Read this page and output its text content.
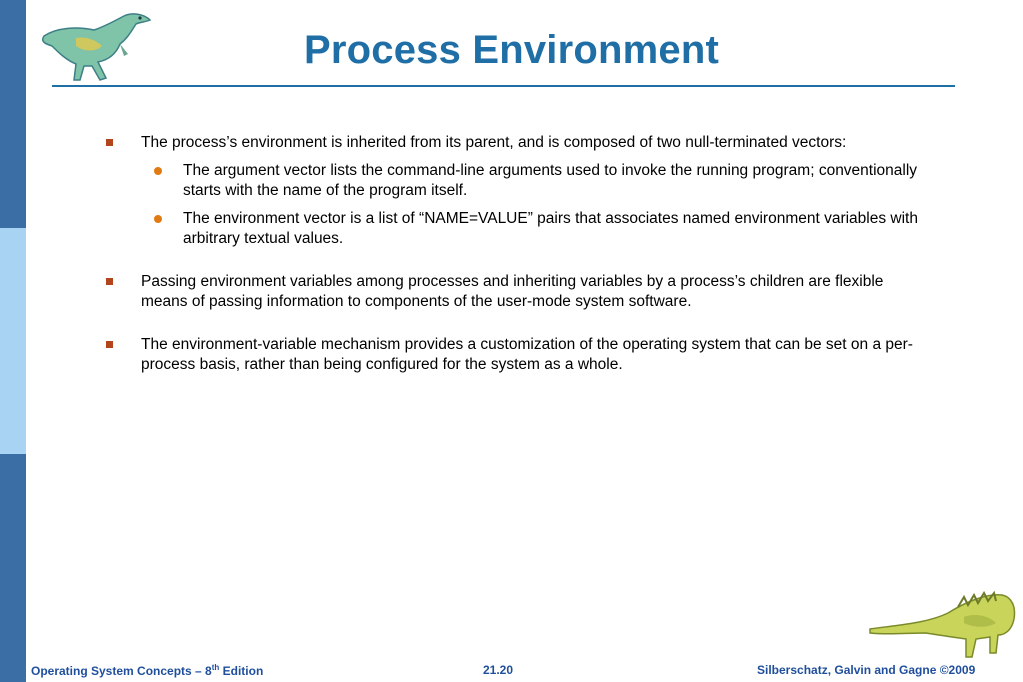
Process Environment
The process’s environment is inherited from its parent, and is composed of two null-terminated vectors:
The argument vector lists the command-line arguments used to invoke the running program; conventionally starts with the name of the program itself.
The environment vector is a list of “NAME=VALUE” pairs that associates named environment variables with arbitrary textual values.
Passing environment variables among processes and inheriting variables by a process’s children are flexible means of passing information to components of the user-mode system software.
The environment-variable mechanism provides a customization of the operating system that can be set on a per-process basis, rather than being configured for the system as a whole.
Operating System Concepts – 8th Edition	21.20	Silberschatz, Galvin and Gagne ©2009
